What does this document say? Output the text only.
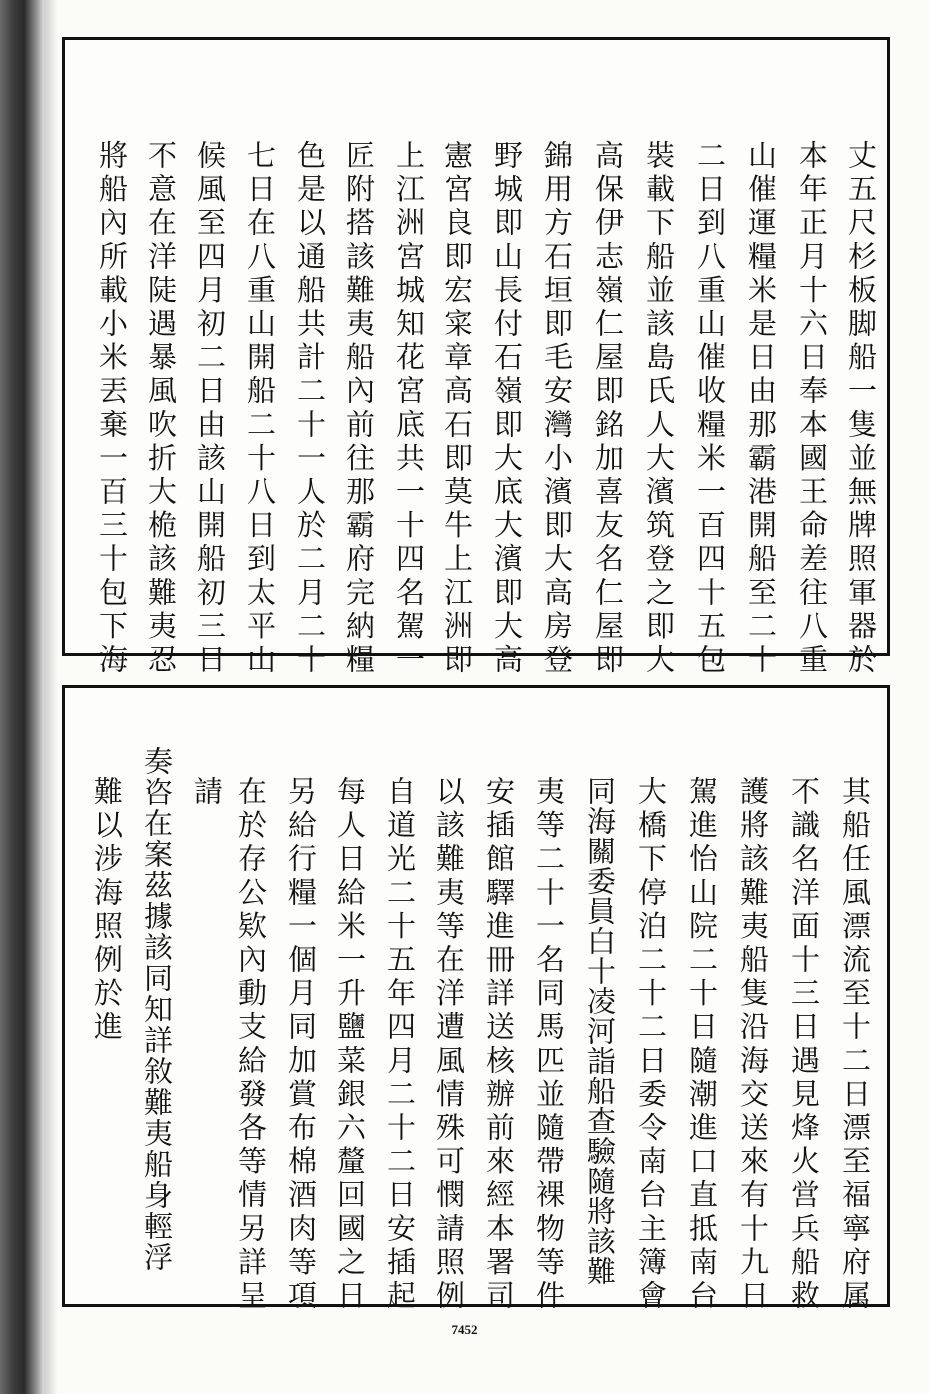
丈五尺杉板脚船一隻並無牌照軍器於
本年正月十六日奉本國王命差往八重
山催運糧米是日由那霸港開船至二十
二日到八重山催收糧米一百四十五包
裝載下船並該島氏人大濱筑登之即大
高保伊志嶺仁屋即銘加喜友名仁屋即
錦用方石垣即毛安灣小濱即大高房登
野城即山長付石嶺即大底大濱即大高
憲宮良即宏寀章高石即莫牛上江洲即
上江洲宮城知花宮底共一十四名駕一
匠附搭該難夷船內前往那霸府完納糧
色是以通船共計二十一人於二月二十
七日在八重山開船二十八日到太平山
候風至四月初二日由該山開船初三日
不意在洋陡遇暴風吹折大桅該難夷忍
將船內所載小米丟棄一百三十包下海
其船任風漂流至十二日漂至福寧府属
不識名洋面十三日遇見烽火営兵船救
護將該難夷船隻沿海交送來有十九日
駕進怡山院二十日隨潮進口直抵南台
大橋下停泊二十二日委令南台主簿會
同海關委員白十凌河詣船查驗隨將該難
夷等二十一名同馬匹並隨帶裸物等件
安插館驛進冊詳送核辦前來經本署司
以該難夷等在洋遭風情殊可憫請照例
自道光二十五年四月二十二日安插起
每人日給米一升鹽菜銀六釐回國之日
另給行糧一個月同加賞布棉酒肉等項
在於存公欵內動支給發各等情另詳呈
請
奏咨在案茲據該同知詳敘難夷船身輕浮
難以涉海照例於進
7452
